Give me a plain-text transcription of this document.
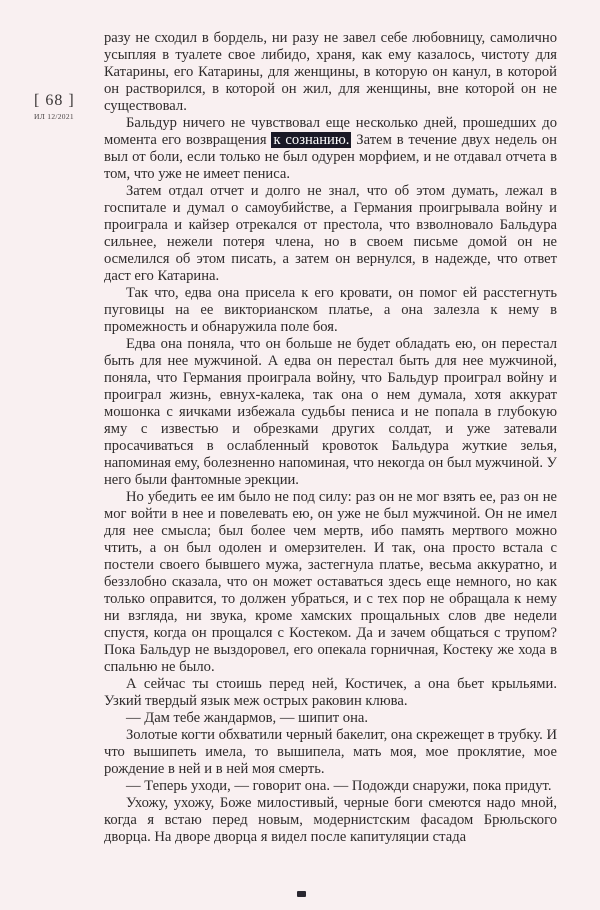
[ 68 ]
ИЛ 12/2021

разу не сходил в бордель, ни разу не завел себе любовницу, самолично усыпляя в туалете свое либидо, храня, как ему казалось, чистоту для Катарины, его Катарины, для женщины, в которую он канул, в которой он растворился, в которой он жил, для женщины, вне которой он не существовал.

Бальдур ничего не чувствовал еще несколько дней, прошедших до момента его возвращения к сознанию. Затем в течение двух недель он выл от боли, если только не был одурен морфием, и не отдавал отчета в том, что уже не имеет пениса.

Затем отдал отчет и долго не знал, что об этом думать, лежал в госпитале и думал о самоубийстве, а Германия проигрывала войну и проиграла и кайзер отрекался от престола, что взволновало Бальдура сильнее, нежели потеря члена, но в своем письме домой он не осмелился об этом писать, а затем он вернулся, в надежде, что ответ даст его Катарина.

Так что, едва она присела к его кровати, он помог ей расстегнуть пуговицы на ее викторианском платье, а она залезла к нему в промежность и обнаружила поле боя.

Едва она поняла, что он больше не будет обладать ею, он перестал быть для нее мужчиной. А едва он перестал быть для нее мужчиной, поняла, что Германия проиграла войну, что Бальдур проиграл войну и проиграл жизнь, евнух-калека, так она о нем думала, хотя аккурат мошонка с яичками избежала судьбы пениса и не попала в глубокую яму с известью и обрезками других солдат, и уже затевали просачиваться в ослабленный кровоток Бальдура жуткие зелья, напоминая ему, болезненно напоминая, что некогда он был мужчиной. У него были фантомные эрекции.

Но убедить ее им было не под силу: раз он не мог взять ее, раз он не мог войти в нее и повелевать ею, он уже не был мужчиной. Он не имел для нее смысла; был более чем мертв, ибо память мертвого можно чтить, а он был одолен и омерзителен. И так, она просто встала с постели своего бывшего мужа, застегнула платье, весьма аккуратно, и беззлобно сказала, что он может оставаться здесь еще немного, но как только оправится, то должен убраться, и с тех пор не обращала к нему ни взгляда, ни звука, кроме хамских прощальных слов две недели спустя, когда он прощался с Костеком. Да и зачем общаться с трупом? Пока Бальдур не выздоровел, его опекала горничная, Костеку же хода в спальню не было.

А сейчас ты стоишь перед ней, Костичек, а она бьет крыльями. Узкий твердый язык меж острых раковин клюва.

— Дам тебе жандармов, — шипит она.

Золотые когти обхватили черный бакелит, она скрежещет в трубку. И что вышипеть имела, то вышипела, мать моя, мое проклятие, мое рождение в ней и в ней моя смерть.

— Теперь уходи, — говорит она. — Подожди снаружи, пока придут.

Ухожу, ухожу, Боже милостивый, черные боги смеются надо мной, когда я встаю перед новым, модернистским фасадом Брюльского дворца. На дворе дворца я видел после капитуляции стада
